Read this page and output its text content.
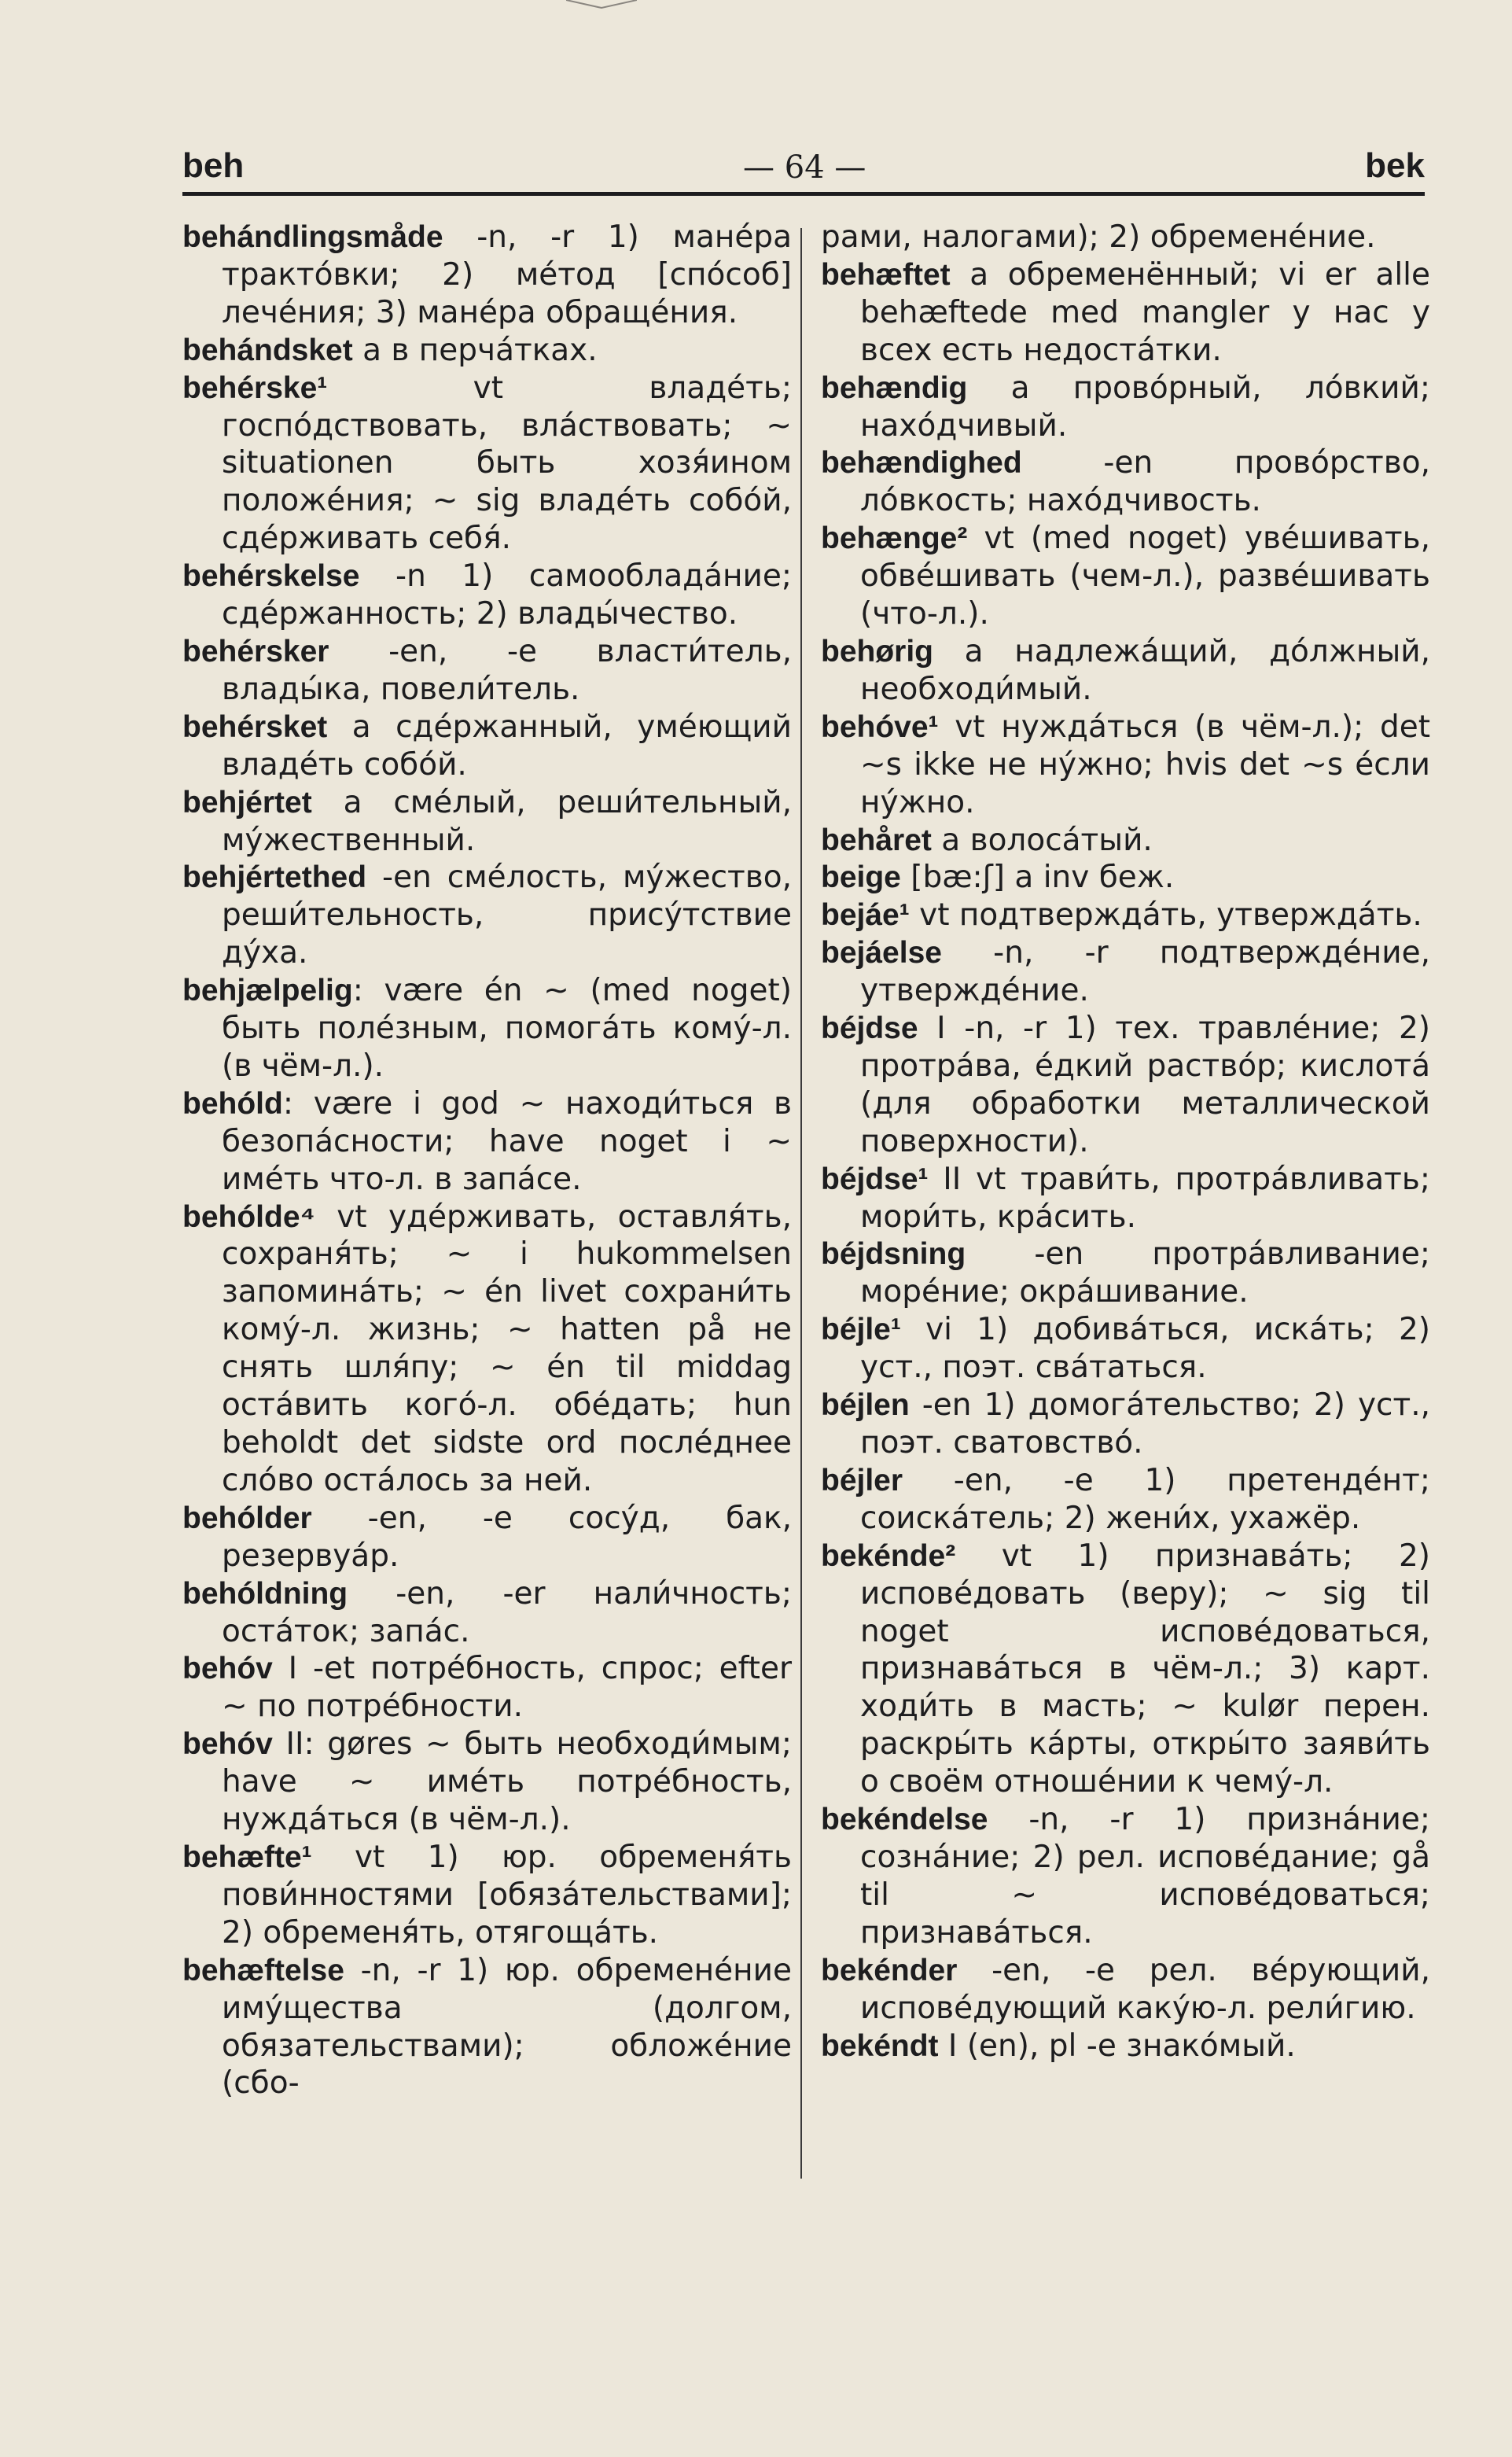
beh	— 64 —	bek

behándlingsmåde -n, -r 1) мане́ра тракто́вки; 2) ме́тод [спо́соб] лече́ния; 3) мане́ра обраще́ния.

behándsket a в перча́тках.

behérske¹ vt владе́ть; госпо́дствовать, вла́ствовать; ~ situationen быть хозя́ином положе́ния; ~ sig владе́ть собо́й, сде́рживать себя́.

behérskelse -n 1) самооблада́ние; сде́ржанность; 2) влады́чество.

behérsker -en, -e власти́тель, влады́ка, повели́тель.

behérsket a сде́ржанный, уме́ющий владе́ть собо́й.

behjértet a сме́лый, реши́тельный, му́жественный.

behjértethed -en сме́лость, му́жество, реши́тельность, прису́тствие ду́ха.

behjælpelig: være én ~ (med noget) быть поле́зным, помога́ть кому́-л. (в чём-л.).

behóld: være i god ~ находи́ться в безопа́сности; have noget i ~ име́ть что-л. в запа́се.

behólde⁴ vt уде́рживать, оставля́ть, сохраня́ть; ~ i hukommelsen запомина́ть; ~ én livet сохрани́ть кому́-л. жизнь; ~ hatten på не снять шля́пу; ~ én til middag оста́вить кого́-л. обе́дать; hun beholdt det sidste ord после́днее сло́во оста́лось за ней.

behólder -en, -e сосу́д, бак, резервуа́р.

behóldning -en, -er нали́чность; оста́ток; запа́с.

behóv I -et потре́бность, спрос; efter ~ по потре́бности.

behóv II: gøres ~ быть необходи́мым; have ~ име́ть потре́бность, нужда́ться (в чём-л.).

behæfte¹ vt 1) юр. обременя́ть пови́нностями [обяза́тельствами]; 2) обременя́ть, отягоща́ть.

behæftelse -n, -r 1) юр. обремене́ние иму́щества (долгом, обязательствами); обложе́ние (сбо-

рами, налогами); 2) обремене́ние.

behæftet a обременённый; vi er alle behæftede med mangler у нас у всех есть недоста́тки.

behændig a прово́рный, ло́вкий; нахо́дчивый.

behændighed -en прово́рство, ло́вкость; нахо́дчивость.

behænge² vt (med noget) уве́шивать, обве́шивать (чем-л.), разве́шивать (что-л.).

behørig a надлежа́щий, до́лжный, необходи́мый.

behóve¹ vt нужда́ться (в чём-л.); det ~s ikke не ну́жно; hvis det ~s е́сли ну́жно.

behåret a волоса́тый.

beige [bæ:ʃ] a inv беж.

bejáe¹ vt подтвержда́ть, утвержда́ть.

bejáelse -n, -r подтвержде́ние, утвержде́ние.

béjdse I -n, -r 1) тех. травле́ние; 2) протра́ва, е́дкий раство́р; кислота́ (для обработки металлической поверхности).

béjdse¹ II vt трави́ть, протра́вливать; мори́ть, кра́сить.

béjdsning -en протра́вливание; море́ние; окра́шивание.

béjle¹ vi 1) добива́ться, иска́ть; 2) уст., поэт. сва́таться.

béjlen -en 1) домога́тельство; 2) уст., поэт. сватовство́.

béjler -en, -e 1) претенде́нт; соиска́тель; 2) жени́х, ухажёр.

bekénde² vt 1) признава́ть; 2) испове́довать (веру); ~ sig til noget испове́доваться, признава́ться в чём-л.; 3) карт. ходи́ть в масть; ~ kulør перен. раскры́ть ка́рты, откры́то заяви́ть о своём отноше́нии к чему́-л.

bekéndelse -n, -r 1) призна́ние; созна́ние; 2) рел. испове́дание; gå til ~ испове́доваться; признава́ться.

bekénder -en, -e рел. ве́рующий, испове́дующий каку́ю-л. рели́гию.

bekéndt I (en), pl -e знако́мый.
